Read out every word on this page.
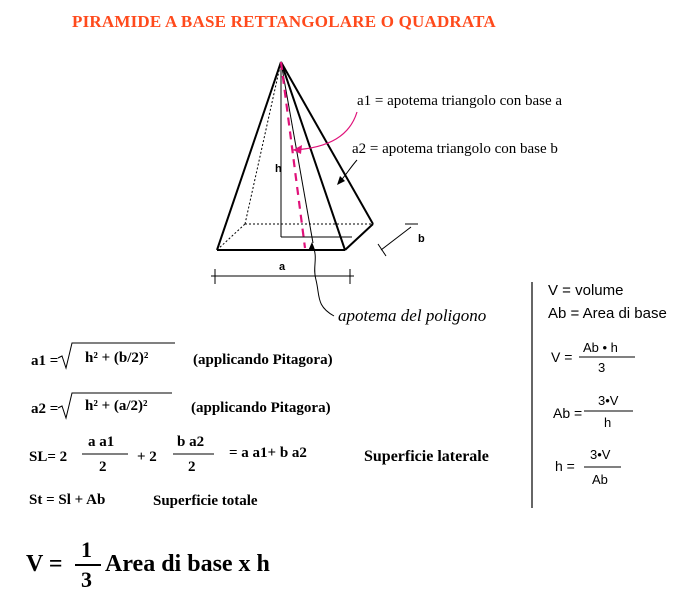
PIRAMIDE A BASE RETTANGOLARE O QUADRATA
a1 = apotema triangolo con base a
a2 = apotema triangolo con base b
h
a
b
apotema del poligono
a1 = h² + (b/2)²	(applicando Pitagora)
a2 = h² + (a/2)²	(applicando Pitagora)
SL= 2
a a1
2
+ 2
b a2
2
= a a1+ b a2	Superficie laterale
St = Sl + Ab	Superficie totale
V =
1
3
Area di base x h
V = volume
Ab = Area di base
V =
Ab • h
3
Ab =
3•V
h
h =
3•V
Ab
